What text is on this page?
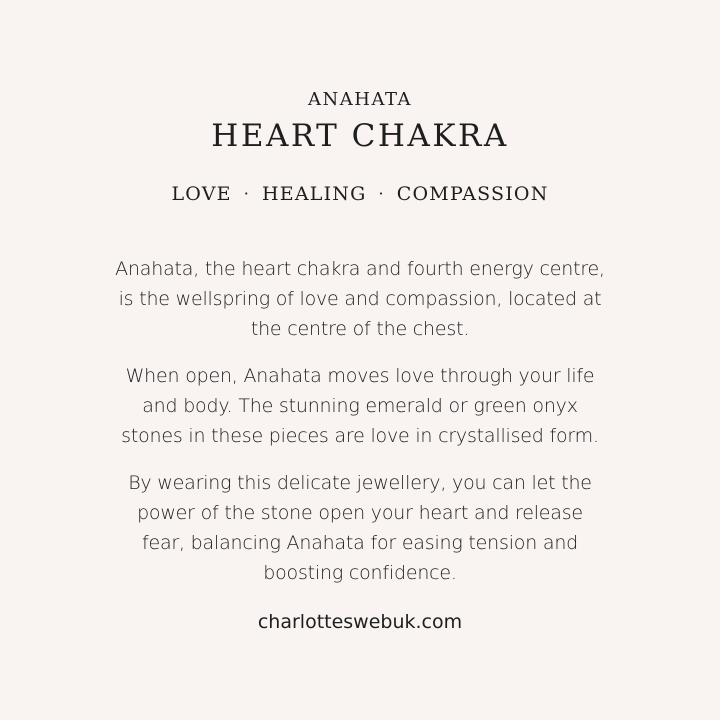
ANAHATA
HEART CHAKRA
LOVE · HEALING · COMPASSION
Anahata, the heart chakra and fourth energy centre,
is the wellspring of love and compassion, located at
the centre of the chest.
When open, Anahata moves love through your life
and body. The stunning emerald or green onyx
stones in these pieces are love in crystallised form.
By wearing this delicate jewellery, you can let the
power of the stone open your heart and release
fear, balancing Anahata for easing tension and
boosting confidence.
charlotteswebuk.com
